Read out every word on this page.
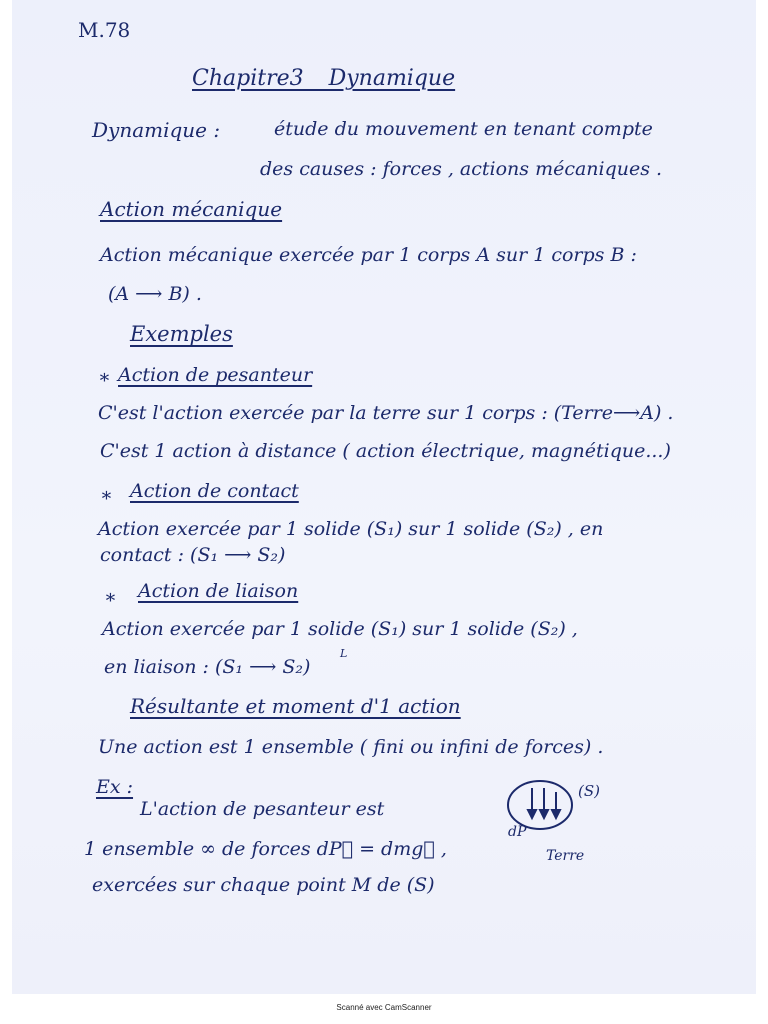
M.78
Chapitre3 _ Dynamique
Dynamique :	étude du mouvement en tenant compte
des causes : forces , actions mécaniques .
Action mécanique
Action mécanique exercée par 1 corps A sur 1 corps B :
(A ⟶ B) .
Exemples
∗ Action de pesanteur
C'est l'action exercée par la terre sur 1 corps : (Terre⟶A) .
C'est 1 action à distance ( action électrique, magnétique...)
∗ Action de contact
Action exercée par 1 solide (S₁) sur 1 solide (S₂) , en
contact : (S₁ ⟶ S₂)
∗ Action de liaison
Action exercée par 1 solide (S₁) sur 1 solide (S₂) ,
en liaison : (S₁ ⟶ S₂)
L
Résultante et moment d'1 action
Une action est 1 ensemble ( fini ou infini de forces) .
Ex :
L'action de pesanteur est
1 ensemble ∞ de forces dP⃗ = dmg⃗ ,
exercées sur chaque point M de (S)
(S)
dP
Terre
Scanné avec CamScanner
